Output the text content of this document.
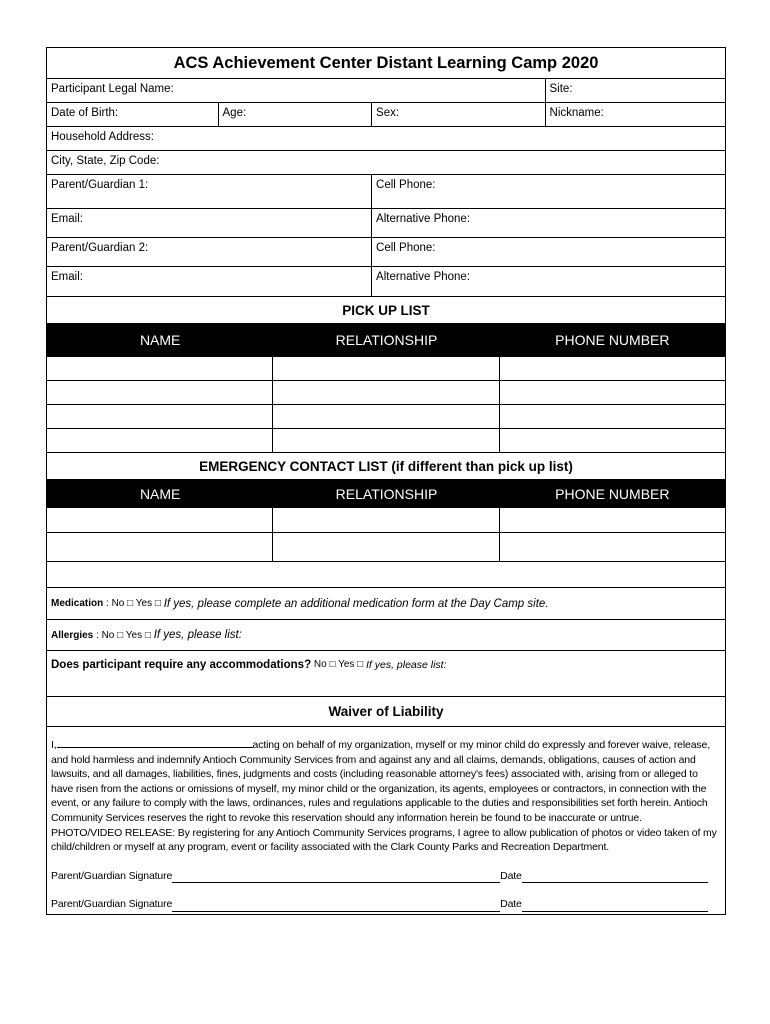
ACS Achievement Center Distant Learning Camp 2020
Participant Legal Name:	Site:
Date of Birth:	Age:	Sex:	Nickname:
Household Address:
City, State, Zip Code:
Parent/Guardian 1:	Cell Phone:
Email:	Alternative Phone:
Parent/Guardian 2:	Cell Phone:
Email:	Alternative Phone:
PICK UP LIST
NAME	RELATIONSHIP	PHONE NUMBER
EMERGENCY CONTACT LIST (if different than pick up list)
NAME	RELATIONSHIP	PHONE NUMBER
Medication : No □ Yes □ If yes, please complete an additional medication form at the Day Camp site.
Allergies : No □ Yes □ If yes, please list:
Does participant require any accommodations? No □ Yes □ If yes, please list:
Waiver of Liability
I,	acting on behalf of my organization, myself or my minor child do expressly and forever waive, release, and hold harmless and indemnify Antioch Community Services from and against any and all claims, demands, obligations, causes of action and lawsuits, and all damages, liabilities, fines, judgments and costs (including reasonable attorney's fees) associated with, arising from or alleged to have risen from the actions or omissions of myself, my minor child or the organization, its agents, employees or contractors, in connection with the event, or any failure to comply with the laws, ordinances, rules and regulations applicable to the duties and responsibilities set forth herein. Antioch Community Services reserves the right to revoke this reservation should any information herein be found to be inaccurate or untrue.
PHOTO/VIDEO RELEASE: By registering for any Antioch Community Services programs, I agree to allow publication of photos or video taken of my child/children or myself at any program, event or facility associated with the Clark County Parks and Recreation Department.
Parent/Guardian Signature	Date
Parent/Guardian Signature	Date
